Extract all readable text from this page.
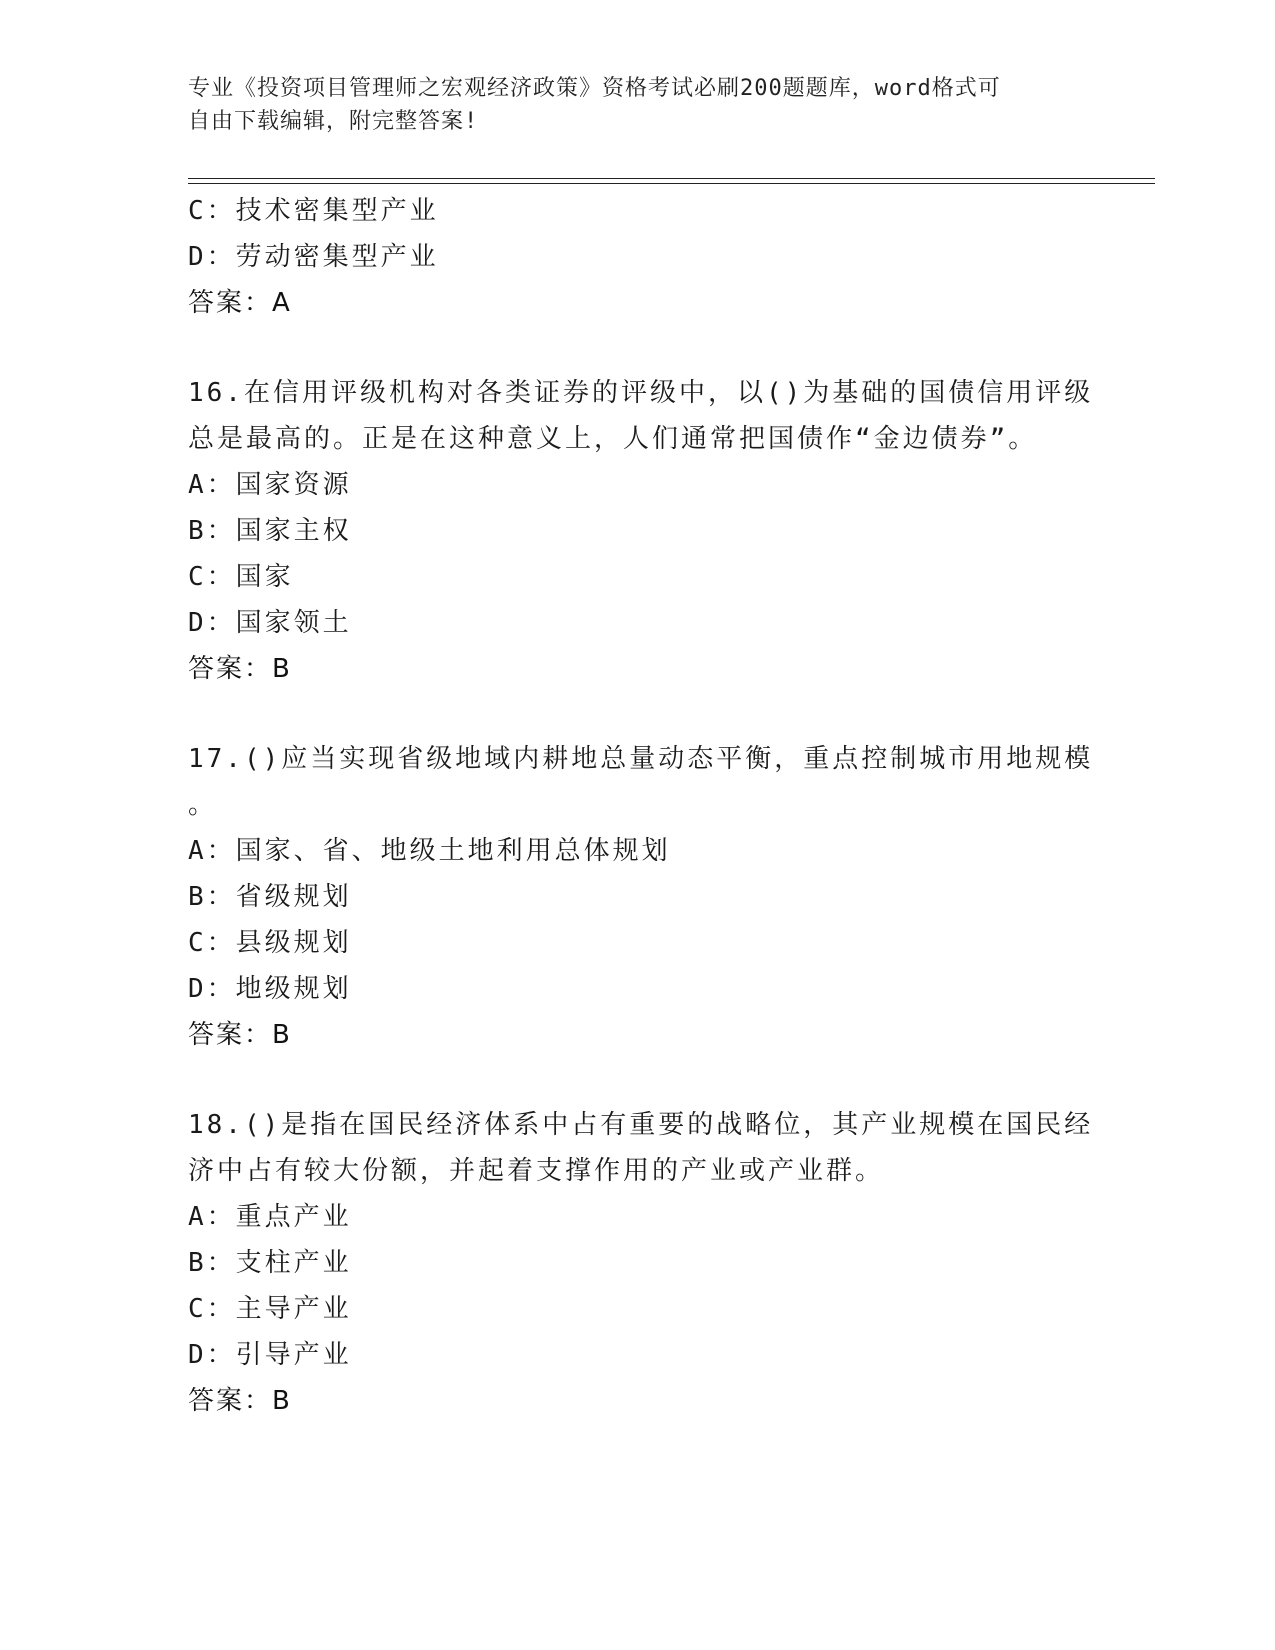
专业《投资项目管理师之宏观经济政策》资格考试必刷200题题库，word格式可
自由下载编辑，附完整答案!
C：技术密集型产业
D：劳动密集型产业
答案：A
16.在信用评级机构对各类证券的评级中，以()为基础的国债信用评级
总是最高的。正是在这种意义上，人们通常把国债作“金边债券”。
A：国家资源
B：国家主权
C：国家
D：国家领土
答案：B
17.()应当实现省级地域内耕地总量动态平衡，重点控制城市用地规模
。
A：国家、省、地级土地利用总体规划
B：省级规划
C：县级规划
D：地级规划
答案：B
18.()是指在国民经济体系中占有重要的战略位，其产业规模在国民经
济中占有较大份额，并起着支撑作用的产业或产业群。
A：重点产业
B：支柱产业
C：主导产业
D：引导产业
答案：B
